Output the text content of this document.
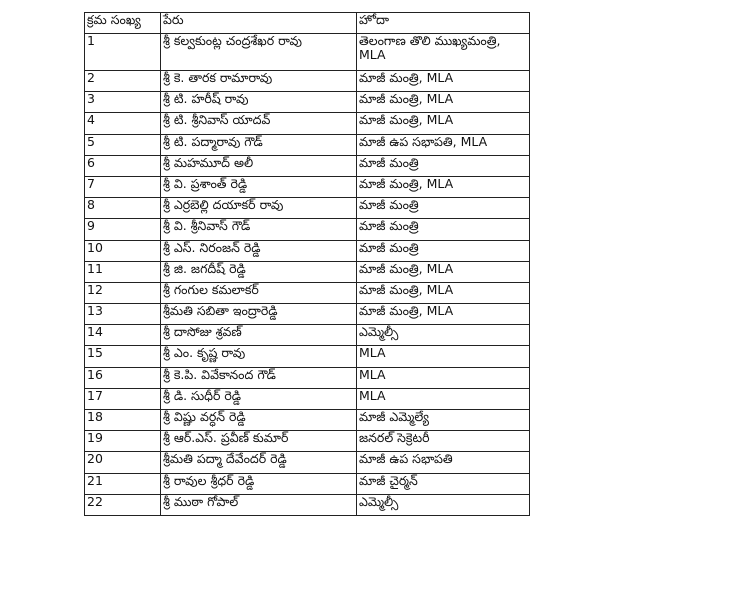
క్రమ సంఖ్య	పేరు	హోదా
1	శ్రీ కల్వకుంట్ల చంద్రశేఖర రావు	తెలంగాణ తొలి ముఖ్యమంత్రి, MLA
2	శ్రీ కె. తారక రామారావు	మాజీ మంత్రి, MLA
3	శ్రీ టి. హరీష్ రావు	మాజీ మంత్రి, MLA
4	శ్రీ టి. శ్రీనివాస్ యాదవ్	మాజీ మంత్రి, MLA
5	శ్రీ టి. పద్మారావు గౌడ్	మాజీ ఉప సభాపతి, MLA
6	శ్రీ మహమూద్ అలీ	మాజీ మంత్రి
7	శ్రీ వి. ప్రశాంత్ రెడ్డి	మాజీ మంత్రి, MLA
8	శ్రీ ఎర్రబెల్లి దయాకర్ రావు	మాజీ మంత్రి
9	శ్రీ వి. శ్రీనివాస్ గౌడ్	మాజీ మంత్రి
10	శ్రీ ఎస్. నిరంజన్ రెడ్డి	మాజీ మంత్రి
11	శ్రీ జి. జగదీష్ రెడ్డి	మాజీ మంత్రి, MLA
12	శ్రీ గంగుల కమలాకర్	మాజీ మంత్రి, MLA
13	శ్రీమతి సబితా ఇంద్రారెడ్డి	మాజీ మంత్రి, MLA
14	శ్రీ దాసోజు శ్రవణ్	ఎమ్మెల్సీ
15	శ్రీ ఎం. కృష్ణ రావు	MLA
16	శ్రీ కె.పి. వివేకానంద గౌడ్	MLA
17	శ్రీ డి. సుధీర్ రెడ్డి	MLA
18	శ్రీ విష్ణు వర్ధన్ రెడ్డి	మాజీ ఎమ్మెల్యే
19	శ్రీ ఆర్.ఎస్. ప్రవీణ్ కుమార్	జనరల్ సెక్రెటరీ
20	శ్రీమతి పద్మా దేవేందర్ రెడ్డి	మాజీ ఉప సభాపతి
21	శ్రీ రావుల శ్రీధర్ రెడ్డి	మాజీ చైర్మన్
22	శ్రీ ముఠా గోపాల్	ఎమ్మెల్సీ
